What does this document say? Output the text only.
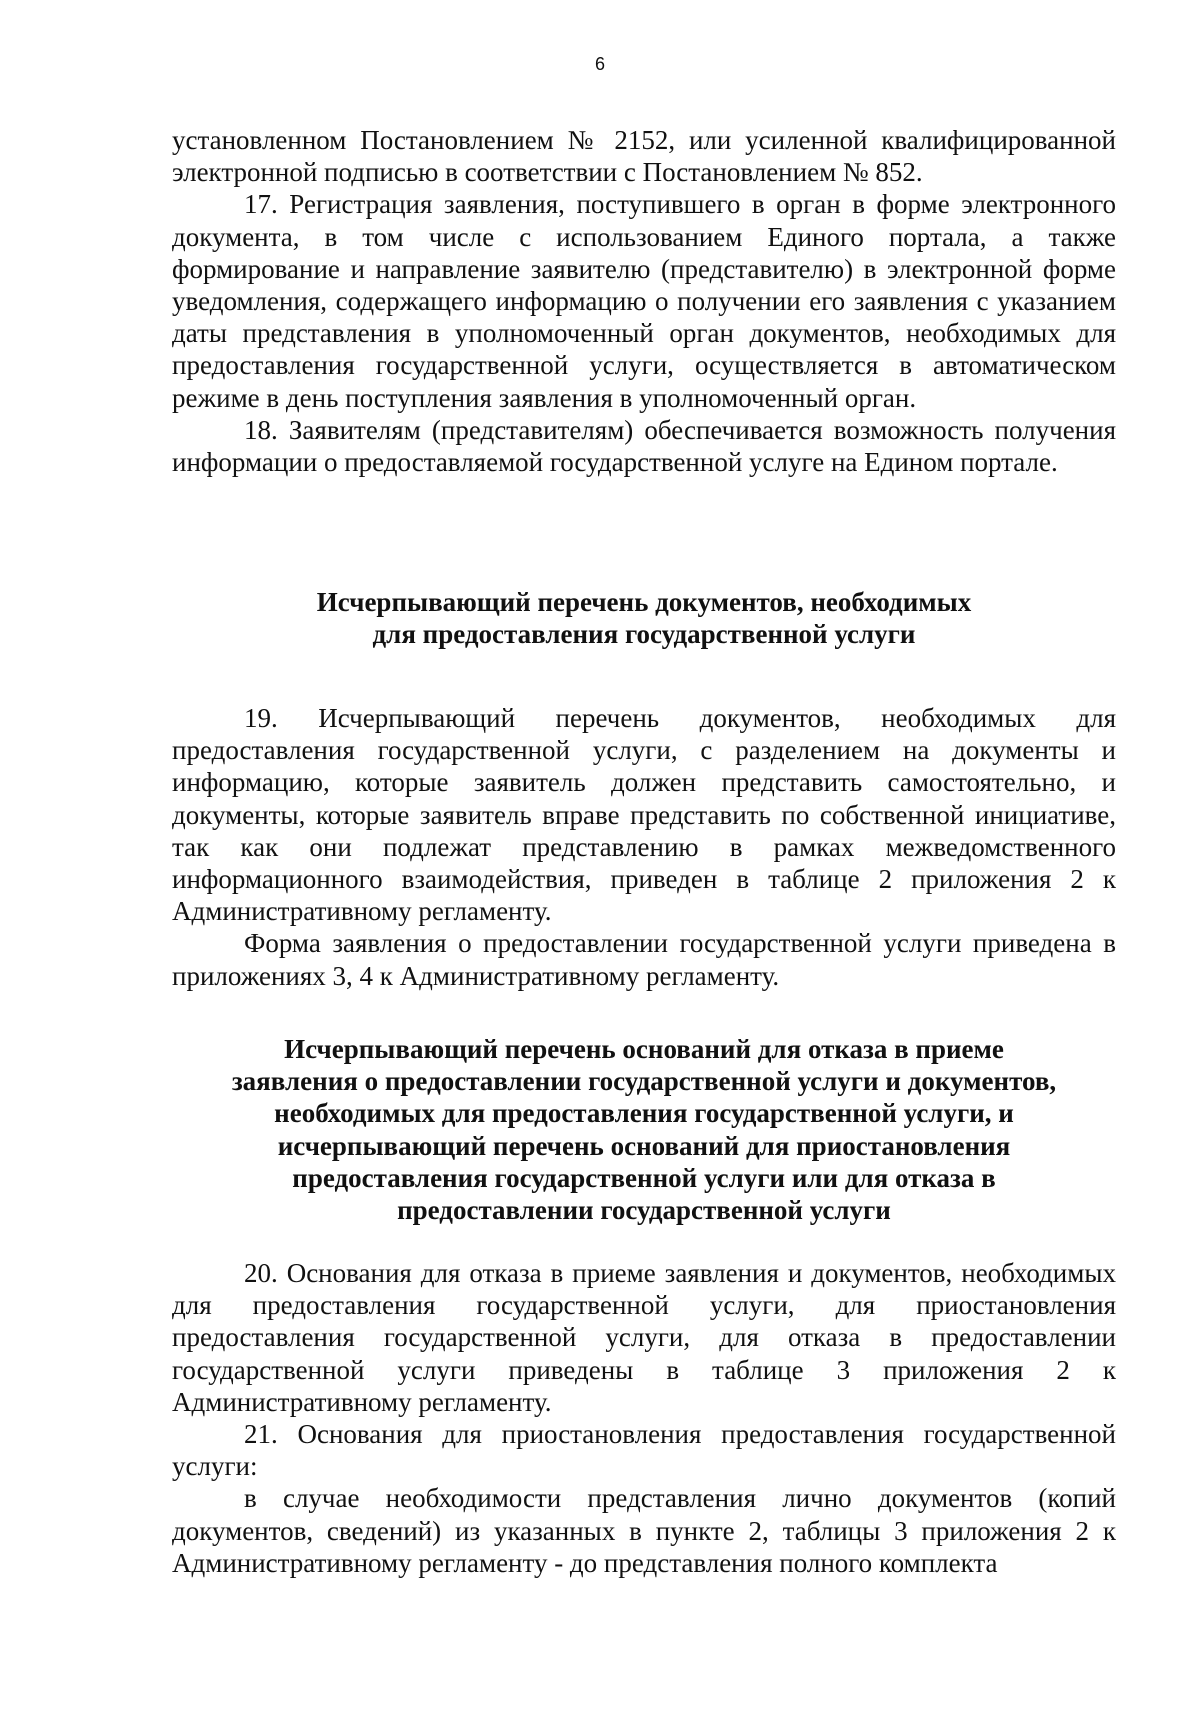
6

установленном Постановлением № 2152, или усиленной квалифицированной электронной подписью в соответствии с Постановлением № 852.

17. Регистрация заявления, поступившего в орган в форме электронного документа, в том числе с использованием Единого портала, а также формирование и направление заявителю (представителю) в электронной форме уведомления, содержащего информацию о получении его заявления с указанием даты представления в уполномоченный орган документов, необходимых для предоставления государственной услуги, осуществляется в автоматическом режиме в день поступления заявления в уполномоченный орган.

18. Заявителям (представителям) обеспечивается возможность получения информации о предоставляемой государственной услуге на Едином портале.

Исчерпывающий перечень документов, необходимых

для предоставления государственной услуги

19. Исчерпывающий перечень документов, необходимых для предоставления государственной услуги, с разделением на документы и информацию, которые заявитель должен представить самостоятельно, и документы, которые заявитель вправе представить по собственной инициативе, так как они подлежат представлению в рамках межведомственного информационного взаимодействия, приведен в таблице 2 приложения 2 к Административному регламенту.

Форма заявления о предоставлении государственной услуги приведена в приложениях 3, 4 к Административному регламенту.

Исчерпывающий перечень оснований для отказа в приеме

заявления о предоставлении государственной услуги и документов,

необходимых для предоставления государственной услуги, и

исчерпывающий перечень оснований для приостановления

предоставления государственной услуги или для отказа в

предоставлении государственной услуги

20. Основания для отказа в приеме заявления и документов, необходимых для предоставления государственной услуги, для приостановления предоставления государственной услуги, для отказа в предоставлении государственной услуги приведены в таблице 3 приложения 2 к Административному регламенту.

21. Основания для приостановления предоставления государственной услуги:

в случае необходимости представления лично документов (копий документов, сведений) из указанных в пункте 2, таблицы 3 приложения 2 к Административному регламенту - до представления полного комплекта
